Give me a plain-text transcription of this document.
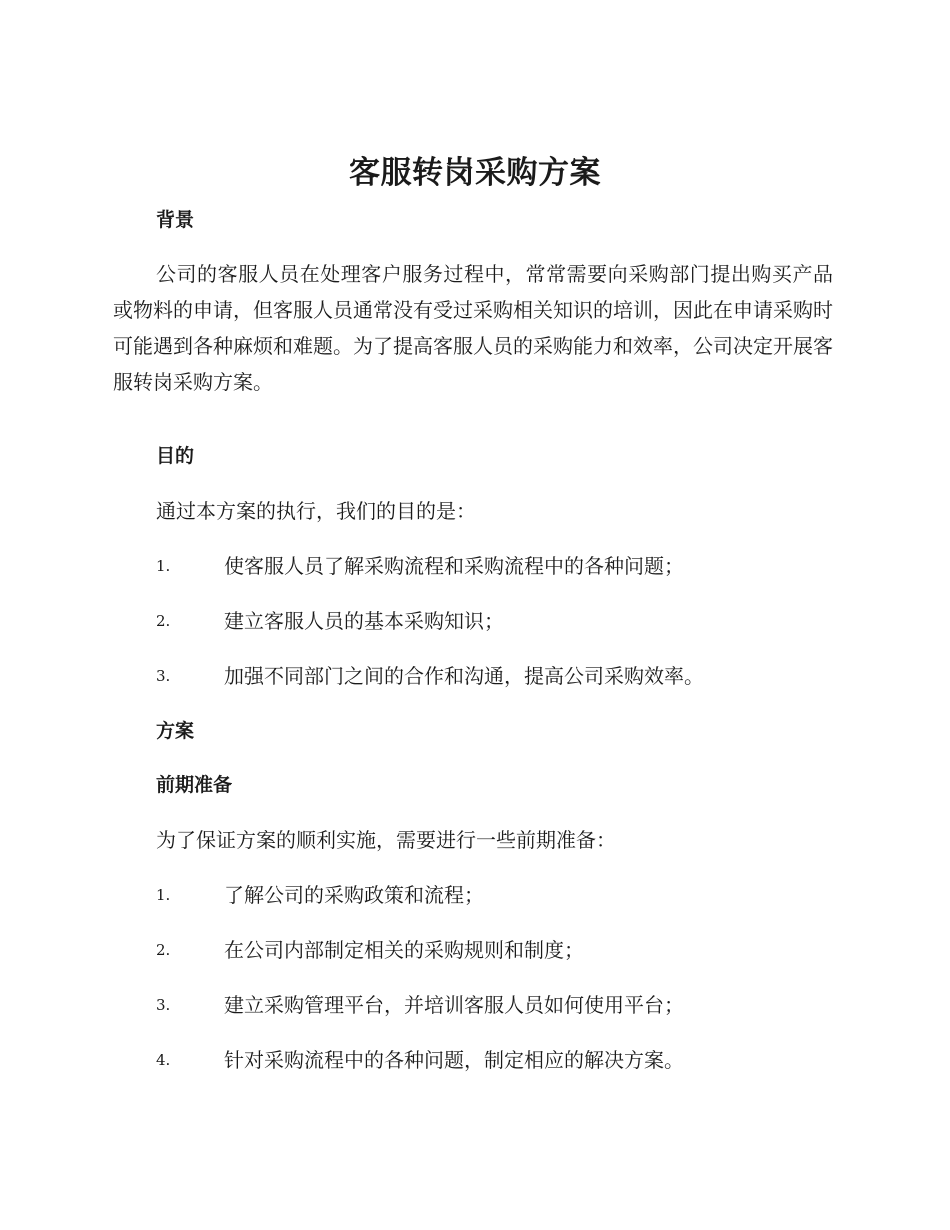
客服转岗采购方案
背景
公司的客服人员在处理客户服务过程中，常常需要向采购部门提出购买产品或物料的申请，但客服人员通常没有受过采购相关知识的培训，因此在申请采购时可能遇到各种麻烦和难题。为了提高客服人员的采购能力和效率，公司决定开展客服转岗采购方案。
目的
通过本方案的执行，我们的目的是：
1.	使客服人员了解采购流程和采购流程中的各种问题；
2.	建立客服人员的基本采购知识；
3.	加强不同部门之间的合作和沟通，提高公司采购效率。
方案
前期准备
为了保证方案的顺利实施，需要进行一些前期准备：
1.	了解公司的采购政策和流程；
2.	在公司内部制定相关的采购规则和制度；
3.	建立采购管理平台，并培训客服人员如何使用平台；
4.	针对采购流程中的各种问题，制定相应的解决方案。
